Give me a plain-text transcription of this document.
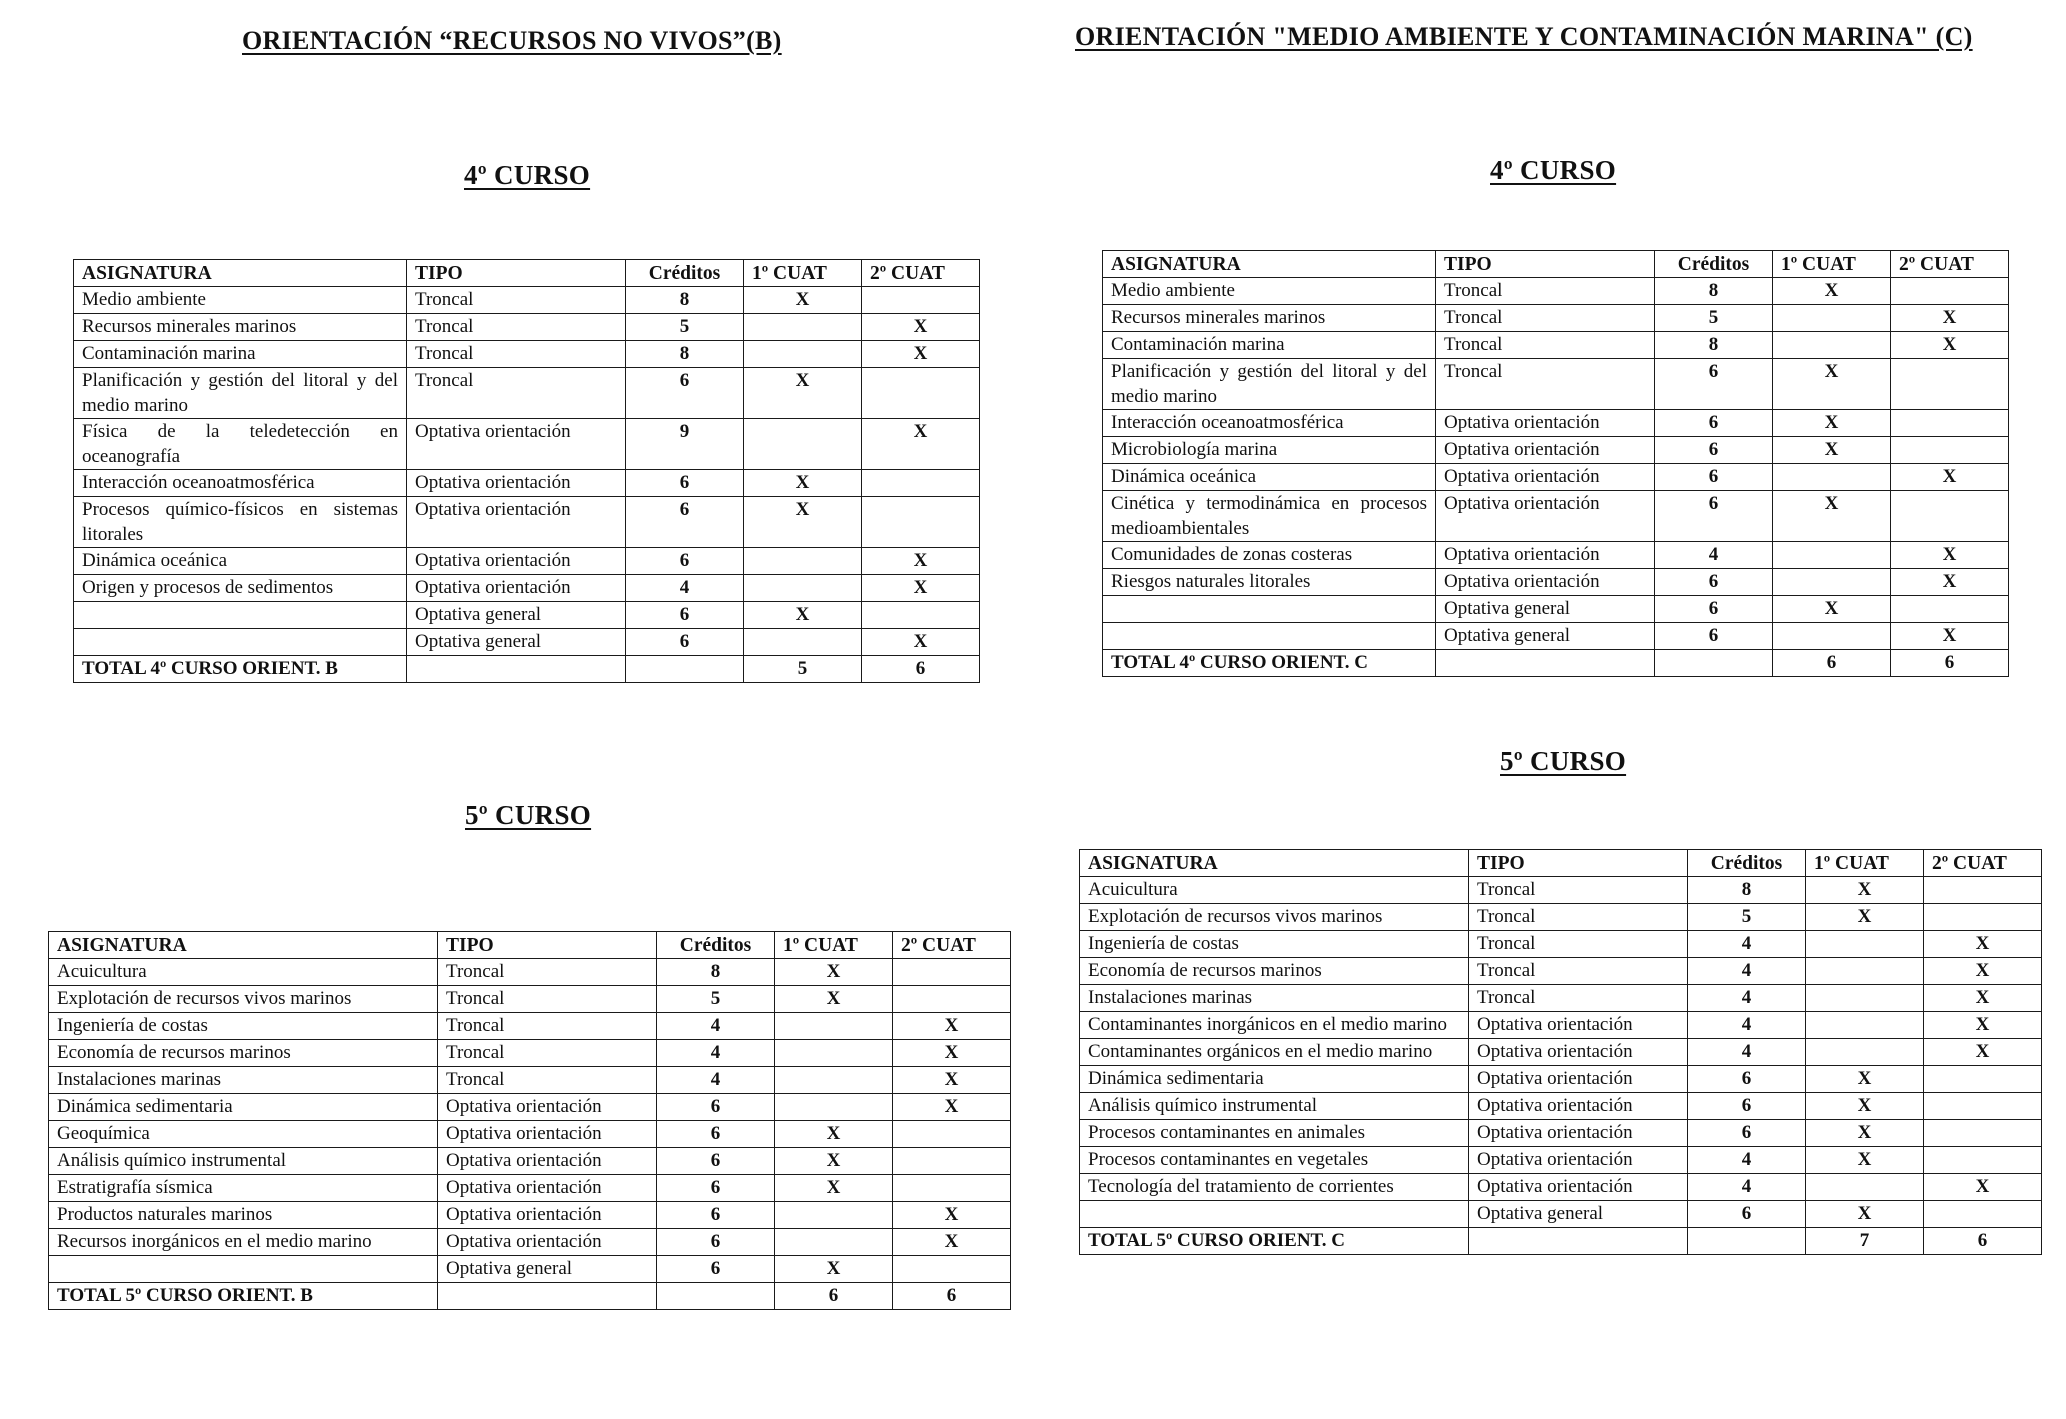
ORIENTACIÓN “RECURSOS NO VIVOS”(B)
4º CURSO
ASIGNATURA	TIPO	Créditos	1º CUAT	2º CUAT
Medio ambiente	Troncal	8	X	
Recursos minerales marinos	Troncal	5		X
Contaminación marina	Troncal	8		X
Planificación y gestión del litoral y del medio marino	Troncal	6	X	
Física de la teledetección en oceanografía	Optativa orientación	9		X
Interacción oceanoatmosférica	Optativa orientación	6	X	
Procesos químico-físicos en sistemas litorales	Optativa orientación	6	X	
Dinámica oceánica	Optativa orientación	6		X
Origen y procesos de sedimentos	Optativa orientación	4		X
	Optativa general	6	X	
	Optativa general	6		X
TOTAL 4º CURSO ORIENT. B			5	6
5º CURSO
ASIGNATURA	TIPO	Créditos	1º CUAT	2º CUAT
Acuicultura	Troncal	8	X	
Explotación de recursos vivos marinos	Troncal	5	X	
Ingeniería de costas	Troncal	4		X
Economía de recursos marinos	Troncal	4		X
Instalaciones marinas	Troncal	4		X
Dinámica sedimentaria	Optativa orientación	6		X
Geoquímica	Optativa orientación	6	X	
Análisis químico instrumental	Optativa orientación	6	X	
Estratigrafía sísmica	Optativa orientación	6	X	
Productos naturales marinos	Optativa orientación	6		X
Recursos inorgánicos en el medio marino	Optativa orientación	6		X
	Optativa general	6	X	
TOTAL 5º CURSO ORIENT. B			6	6
ORIENTACIÓN "MEDIO AMBIENTE Y CONTAMINACIÓN MARINA" (C)
4º CURSO
ASIGNATURA	TIPO	Créditos	1º CUAT	2º CUAT
Medio ambiente	Troncal	8	X	
Recursos minerales marinos	Troncal	5		X
Contaminación marina	Troncal	8		X
Planificación y gestión del litoral y del medio marino	Troncal	6	X	
Interacción oceanoatmosférica	Optativa orientación	6	X	
Microbiología marina	Optativa orientación	6	X	
Dinámica oceánica	Optativa orientación	6		X
Cinética y termodinámica en procesos medioambientales	Optativa orientación	6	X	
Comunidades de zonas costeras	Optativa orientación	4		X
Riesgos naturales litorales	Optativa orientación	6		X
	Optativa general	6	X	
	Optativa general	6		X
TOTAL 4º CURSO ORIENT. C			6	6
5º CURSO
ASIGNATURA	TIPO	Créditos	1º CUAT	2º CUAT
Acuicultura	Troncal	8	X	
Explotación de recursos vivos marinos	Troncal	5	X	
Ingeniería de costas	Troncal	4		X
Economía de recursos marinos	Troncal	4		X
Instalaciones marinas	Troncal	4		X
Contaminantes inorgánicos en el medio marino	Optativa orientación	4		X
Contaminantes orgánicos en el medio marino	Optativa orientación	4		X
Dinámica sedimentaria	Optativa orientación	6	X	
Análisis químico instrumental	Optativa orientación	6	X	
Procesos contaminantes en animales	Optativa orientación	6	X	
Procesos contaminantes en vegetales	Optativa orientación	4	X	
Tecnología del tratamiento de corrientes	Optativa orientación	4		X
	Optativa general	6	X	
TOTAL 5º CURSO ORIENT. C			7	6
